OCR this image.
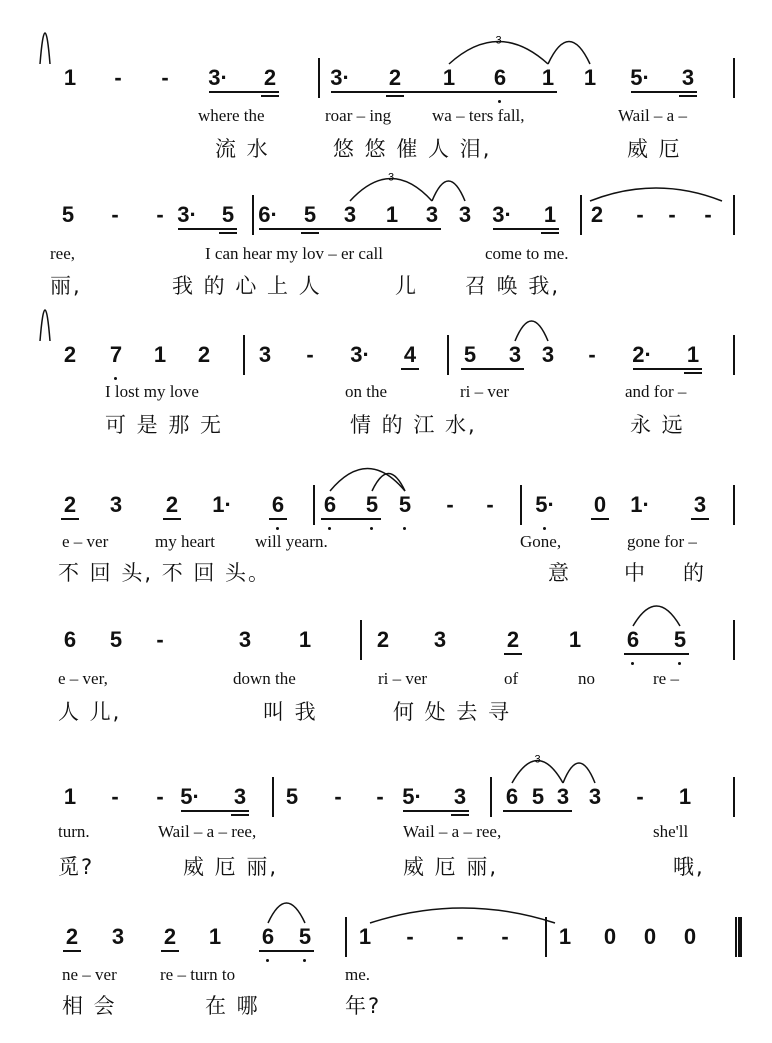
3
3
3
1 - - 3· 2 3· 2 1 6 1 1 5· 3
where the	roar – ing wa – ters fall,	Wail – a –
流 水	悠 悠 催 人 泪,	威 厄
5 - - 3· 5 6· 5 3 1 3 3 3· 1 2 - - -
ree,	I can hear my lov – er call	come to me.
丽,	我 的 心 上 人	儿 召 唤 我,
2 7 1 2 3 - 3· 4 5 3 3 - 2· 1
I lost my love	on the	ri – ver	and for –
可 是 那 无	情 的 江 水,	永 远
2 3 2 1· 6 6 5 5 - - 5· 0 1· 3
e – ver	my heart will yearn.	Gone,	gone for –
不 回 头, 不 回 头。	意	中 的
6 5 -	3 1	2 3	2 1 6 5
e – ver,	down the	ri – ver	of	no	re –
人 儿,	叫 我	何 处 去 寻
1 - - 5· 3 5 - - 5· 3 6 5 3 3 - 1
turn.	Wail – a – ree,	Wail – a – ree,	she'll
觅?	威 厄 丽,	威 厄 丽,	哦,
2 3 2 1 6 5 1 - - - 1 0 0 0
ne – ver	re – turn to	me.
相 会	在 哪	年?
